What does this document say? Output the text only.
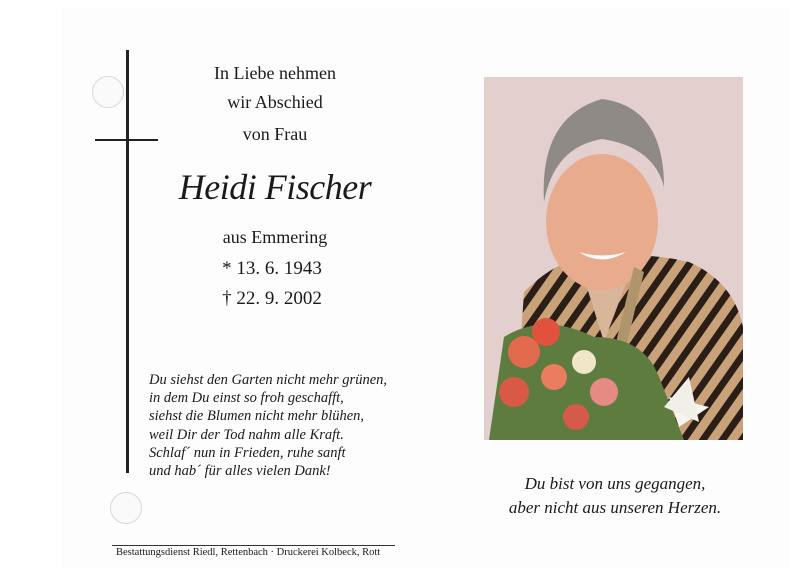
In Liebe nehmen
wir Abschied
von Frau
Heidi Fischer
aus Emmering
* 13. 6. 1943
† 22. 9. 2002
Du siehst den Garten nicht mehr grünen,
in dem Du einst so froh geschafft,
siehst die Blumen nicht mehr blühen,
weil Dir der Tod nahm alle Kraft.
Schlaf´ nun in Frieden, ruhe sanft
und hab´ für alles vielen Dank!
Du bist von uns gegangen,
aber nicht aus unseren Herzen.
Bestattungsdienst Riedl, Rettenbach · Druckerei Kolbeck, Rott
